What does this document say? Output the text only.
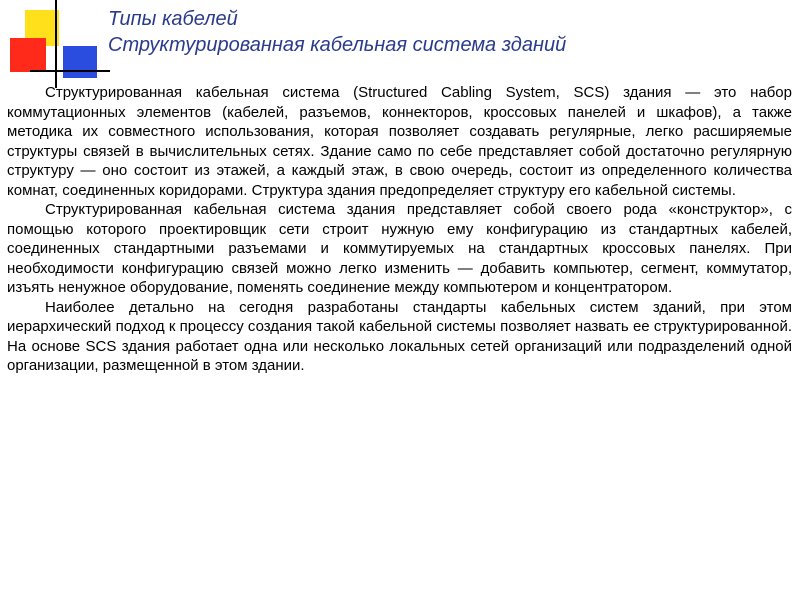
Типы кабелей
Структурированная кабельная система зданий

Структурированная кабельная система (Structured Cabling System, SCS) здания — это набор коммутационных элементов (кабелей, разъемов, коннекторов, кроссовых панелей и шкафов), а также методика их совместного использования, которая позволяет создавать регулярные, легко расширяемые структуры связей в вычислительных сетях. Здание само по себе представляет собой достаточно регулярную структуру — оно состоит из этажей, а каждый этаж, в свою очередь, состоит из определенного количества комнат, соединенных коридорами. Структура здания предопределяет структуру его кабельной системы.

Структурированная кабельная система здания представляет собой своего рода «конструктор», с помощью которого проектировщик сети строит нужную ему конфигурацию из стандартных кабелей, соединенных стандартными разъемами и коммутируемых на стандартных кроссовых панелях. При необходимости конфигурацию связей можно легко изменить — добавить компьютер, сегмент, коммутатор, изъять ненужное оборудование, поменять соединение между компьютером и концентратором.

Наиболее детально на сегодня разработаны стандарты кабельных систем зданий, при этом иерархический подход к процессу создания такой кабельной системы позволяет назвать ее структурированной. На основе SCS здания работает одна или несколько локальных сетей организаций или подразделений одной организации, размещенной в этом здании.
